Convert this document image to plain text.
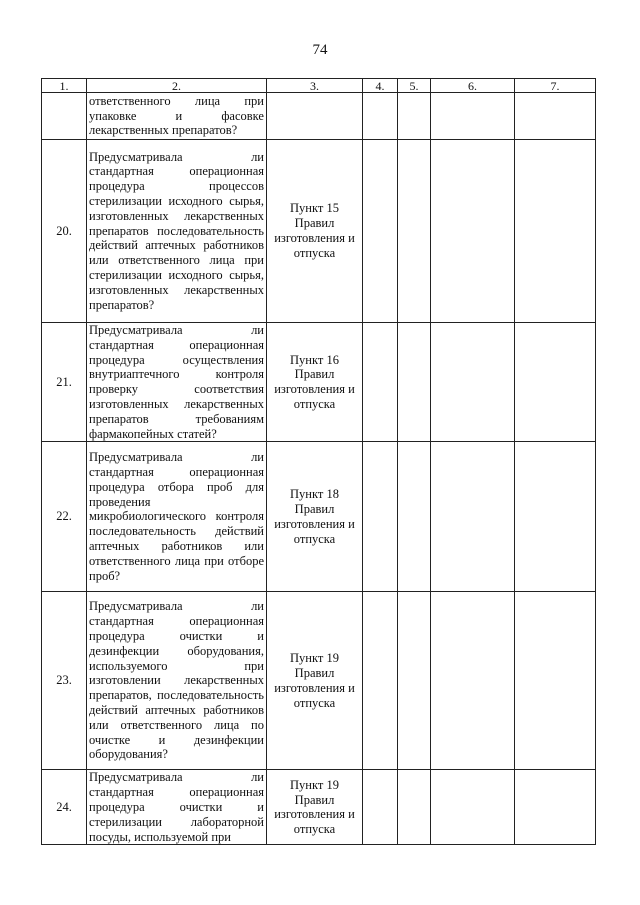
74
1.	2.	3.	4.	5.	6.	7.
	ответственного лица при упаковке и фасовке лекарственных препаратов?					
20.	Предусматривала ли стандартная операционная процедура процессов стерилизации исходного сырья, изготовленных лекарственных препаратов последовательность действий аптечных работников или ответственного лица при стерилизации исходного сырья, изготовленных лекарственных препаратов?	Пункт 15 Правил изготовления и отпуска				
21.	Предусматривала ли стандартная операционная процедура осуществления внутриаптечного контроля проверку соответствия изготовленных лекарственных препаратов требованиям фармакопейных статей?	Пункт 16 Правил изготовления и отпуска				
22.	Предусматривала ли стандартная операционная процедура отбора проб для проведения микробиологического контроля последовательность действий аптечных работников или ответственного лица при отборе проб?	Пункт 18 Правил изготовления и отпуска				
23.	Предусматривала ли стандартная операционная процедура очистки и дезинфекции оборудования, используемого при изготовлении лекарственных препаратов, последовательность действий аптечных работников или ответственного лица по очистке и дезинфекции оборудования?	Пункт 19 Правил изготовления и отпуска				
24.	Предусматривала ли стандартная операционная процедура очистки и стерилизации лабораторной посуды, используемой при	Пункт 19 Правил изготовления и отпуска				
